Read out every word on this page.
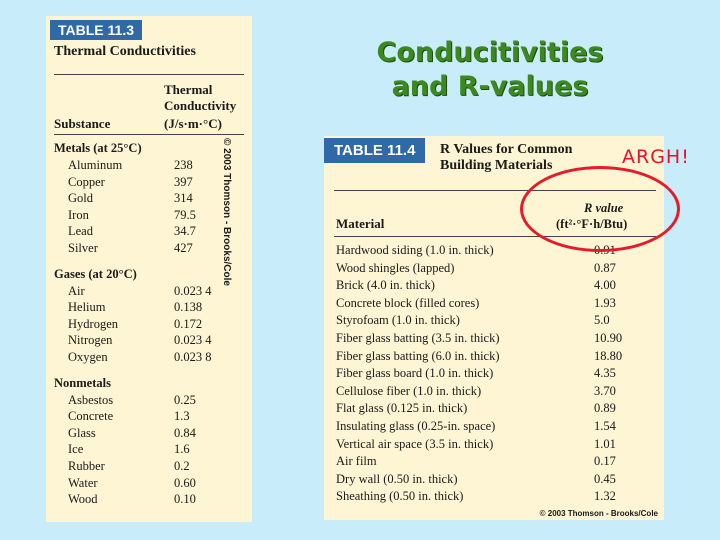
Conducitivities
and R-values
TABLE 11.3
Thermal Conductivities
Thermal
Conductivity
Substance	(J/s·m·°C)
Metals (at 25°C)
Aluminum	238
Copper	397
Gold	314
Iron	79.5
Lead	34.7
Silver	427
Gases (at 20°C)
Air	0.023 4
Helium	0.138
Hydrogen	0.172
Nitrogen	0.023 4
Oxygen	0.023 8
Nonmetals
Asbestos	0.25
Concrete	1.3
Glass	0.84
Ice	1.6
Rubber	0.2
Water	0.60
Wood	0.10
© 2003 Thomson - Brooks/Cole	TABLE 11.4	R Values for Common
Building Materials
R value
Material	(ft²·°F·h/Btu)
Hardwood siding (1.0 in. thick)	0.91
Wood shingles (lapped)	0.87
Brick (4.0 in. thick)	4.00
Concrete block (filled cores)	1.93
Styrofoam (1.0 in. thick)	5.0
Fiber glass batting (3.5 in. thick)	10.90
Fiber glass batting (6.0 in. thick)	18.80
Fiber glass board (1.0 in. thick)	4.35
Cellulose fiber (1.0 in. thick)	3.70
Flat glass (0.125 in. thick)	0.89
Insulating glass (0.25-in. space)	1.54
Vertical air space (3.5 in. thick)	1.01
Air film	0.17
Dry wall (0.50 in. thick)	0.45
Sheathing (0.50 in. thick)	1.32
© 2003 Thomson - Brooks/Cole
ARGH!
